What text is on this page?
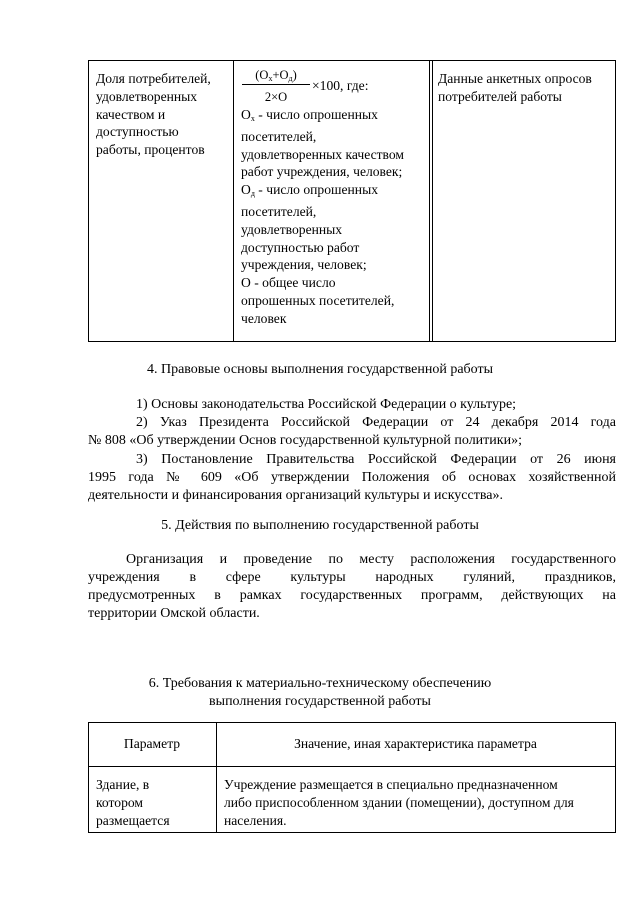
Доля потребителей,
удовлетворенных
качеством и
доступностью
работы, процентов
$(О_х+О_д)$
2×О
×100, где:
$О_х$ - число опрошенных
посетителей,
удовлетворенных качеством
работ учреждения, человек;
$О_д$ - число опрошенных
посетителей,
удовлетворенных
доступностью работ
учреждения, человек;
О - общее число
опрошенных посетителей,
человек
Данные анкетных опросов
потребителей работы
4. Правовые основы выполнения государственной работы
1) Основы законодательства Российской Федерации о культуре;
2) Указ Президента Российской Федерации от 24 декабря 2014 года
№ 808 «Об утверждении Основ государственной культурной политики»;
3) Постановление Правительства Российской Федерации от 26 июня
1995 года № 609 «Об утверждении Положения об основах хозяйственной
деятельности и финансирования организаций культуры и искусства».
5. Действия по выполнению государственной работы
Организация и проведение по месту расположения государственного
учреждения в сфере культуры народных гуляний, праздников,
предусмотренных в рамках государственных программ, действующих на
территории Омской области.
6. Требования к материально-техническому обеспечению
выполнения государственной работы
Параметр	Значение, иная характеристика параметра
Здание, в
котором
размещается
Учреждение размещается в специально предназначенном
либо приспособленном здании (помещении), доступном для
населения.
